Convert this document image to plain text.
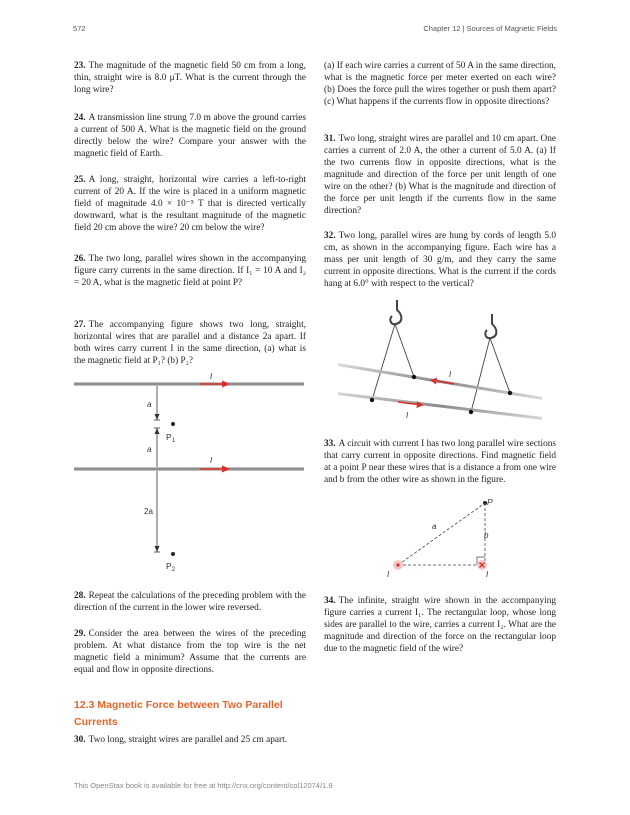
572	Chapter 12 | Sources of Magnetic Fields

23. The magnitude of the magnetic field 50 cm from a long, thin, straight wire is 8.0 μT. What is the current through the long wire?

24. A transmission line strung 7.0 m above the ground carries a current of 500 A. What is the magnetic field on the ground directly below the wire? Compare your answer with the magnetic field of Earth.

25. A long, straight, horizontal wire carries a left-to-right current of 20 A. If the wire is placed in a uniform magnetic field of magnitude 4.0 × 10⁻⁵ T that is directed vertically downward, what is the resultant magnitude of the magnetic field 20 cm above the wire? 20 cm below the wire?

26. The two long, parallel wires shown in the accompanying figure carry currents in the same direction. If I₁ = 10 A and I₂ = 20 A, what is the magnetic field at point P?

27. The accompanying figure shows two long, straight, horizontal wires that are parallel and a distance 2a apart. If both wires carry current I in the same direction, (a) what is the magnetic field at P₁? (b) P₂?

I
a
$P_1$
a
I
2a
$P_2$

28. Repeat the calculations of the preceding problem with the direction of the current in the lower wire reversed.

29. Consider the area between the wires of the preceding problem. At what distance from the top wire is the net magnetic field a minimum? Assume that the currents are equal and flow in opposite directions.

12.3 Magnetic Force between Two Parallel Currents

30. Two long, straight wires are parallel and 25 cm apart.

(a) If each wire carries a current of 50 A in the same direction, what is the magnetic force per meter exerted on each wire? (b) Does the force pull the wires together or push them apart? (c) What happens if the currents flow in opposite directions?

31. Two long, straight wires are parallel and 10 cm apart. One carries a current of 2.0 A, the other a current of 5.0 A. (a) If the two currents flow in opposite directions, what is the magnitude and direction of the force per unit length of one wire on the other? (b) What is the magnitude and direction of the force per unit length if the currents flow in the same direction?

32. Two long, parallel wires are hung by cords of length 5.0 cm, as shown in the accompanying figure. Each wire has a mass per unit length of 30 g/m, and they carry the same current in opposite directions. What is the current if the cords hang at 6.0° with respect to the vertical?

I
I

33. A circuit with current I has two long parallel wire sections that carry current in opposite directions. Find magnetic field at a point P near these wires that is a distance a from one wire and b from the other wire as shown in the figure.

P
a
b
I	I

34. The infinite, straight wire shown in the accompanying figure carries a current I₁. The rectangular loop, whose long sides are parallel to the wire, carries a current I₂. What are the magnitude and direction of the force on the rectangular loop due to the magnetic field of the wire?

This OpenStax book is available for free at http://cnx.org/content/col12074/1.9
